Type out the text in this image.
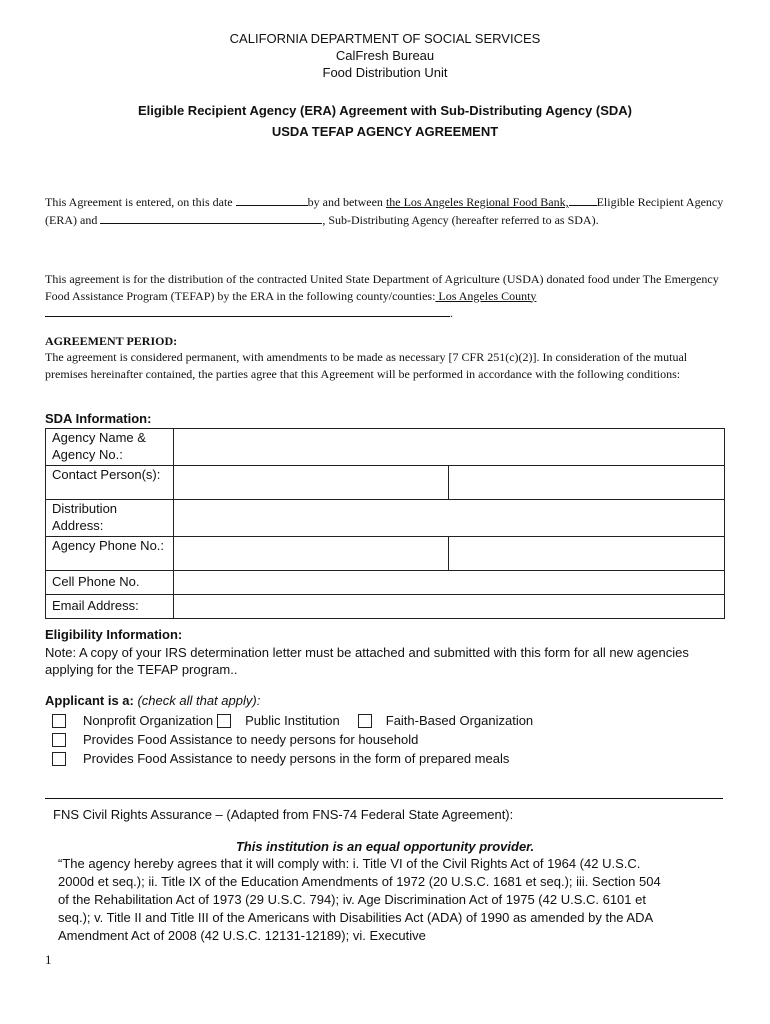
CALIFORNIA DEPARTMENT OF SOCIAL SERVICES
CalFresh Bureau
Food Distribution Unit
Eligible Recipient Agency (ERA) Agreement with Sub-Distributing Agency (SDA)
USDA TEFAP AGENCY AGREEMENT
This Agreement is entered, on this date	by and between the Los Angeles Regional Food Bank, Eligible Recipient Agency (ERA) and	, Sub-Distributing Agency (hereafter referred to as SDA).
This agreement is for the distribution of the contracted United State Department of Agriculture (USDA) donated food under The Emergency Food Assistance Program (TEFAP) by the ERA in the following county/counties: Los Angeles County.
AGREEMENT PERIOD:
The agreement is considered permanent, with amendments to be made as necessary [7 CFR 251(c)(2)]. In consideration of the mutual premises hereinafter contained, the parties agree that this Agreement will be performed in accordance with the following conditions:
SDA Information:
Agency Name & Agency No.:		
Contact Person(s):		
Distribution Address:		
Agency Phone No.:		
Cell Phone No.		
Email Address:		
Eligibility Information:
Note: A copy of your IRS determination letter must be attached and submitted with this form for all new agencies applying for the TEFAP program..
Applicant is a: (check all that apply):
Nonprofit Organization Public Institution	Faith-Based Organization
Provides Food Assistance to needy persons for household
Provides Food Assistance to needy persons in the form of prepared meals
FNS Civil Rights Assurance – (Adapted from FNS-74 Federal State Agreement):
This institution is an equal opportunity provider.
“The agency hereby agrees that it will comply with: i. Title VI of the Civil Rights Act of 1964 (42 U.S.C. 2000d et seq.); ii. Title IX of the Education Amendments of 1972 (20 U.S.C. 1681 et seq.); iii. Section 504 of the Rehabilitation Act of 1973 (29 U.S.C. 794); iv. Age Discrimination Act of 1975 (42 U.S.C. 6101 et seq.); v. Title II and Title III of the Americans with Disabilities Act (ADA) of 1990 as amended by the ADA Amendment Act of 2008 (42 U.S.C. 12131-12189); vi. Executive
1
